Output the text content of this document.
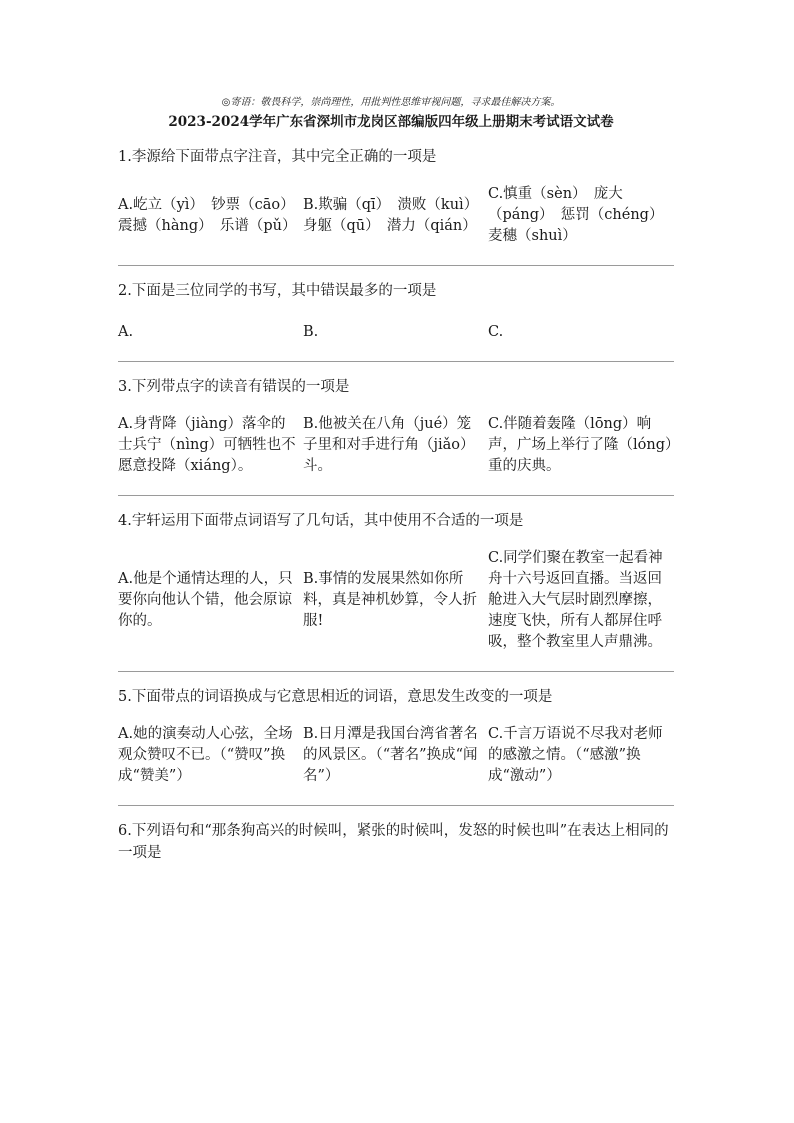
◎寄语：敬畏科学，崇尚理性，用批判性思维审视问题，寻求最佳解决方案。
2023-2024学年广东省深圳市龙岗区部编版四年级上册期末考试语文试卷

1.李源给下面带点字注音，其中完全正确的一项是

A.屹立（yì）　钞票（cāo）　震撼（hàng）　乐谱（pǔ）
B.欺骗（qī）　溃败（kuì）　身躯（qū）　潜力（qián）
C.慎重（sèn）　庞大（páng）　惩罚（chéng）　麦穗（shuì）

2.下面是三位同学的书写，其中错误最多的一项是

A.	B.	C.

3.下列带点字的读音有错误的一项是

A.身背降（jiàng）落伞的士兵宁（nìng）可牺牲也不愿意投降（xiáng）。
B.他被关在八角（jué）笼子里和对手进行角（jiǎo）斗。
C.伴随着轰隆（lōng）响声，广场上举行了隆（lóng）重的庆典。

4.宇轩运用下面带点词语写了几句话，其中使用不合适的一项是

A.他是个通情达理的人，只要你向他认个错，他会原谅你的。
B.事情的发展果然如你所料，真是神机妙算，令人折服!
C.同学们聚在教室一起看神舟十六号返回直播。当返回舱进入大气层时剧烈摩擦，速度飞快，所有人都屏住呼吸，整个教室里人声鼎沸。

5.下面带点的词语换成与它意思相近的词语，意思发生改变的一项是

A.她的演奏动人心弦，全场观众赞叹不已。（“赞叹”换成“赞美”）
B.日月潭是我国台湾省著名的风景区。（“著名”换成“闻名”）
C.千言万语说不尽我对老师的感激之情。（“感激”换成“激动”）

6.下列语句和“那条狗高兴的时候叫，紧张的时候叫，发怒的时候也叫”在表达上相同的一项是
